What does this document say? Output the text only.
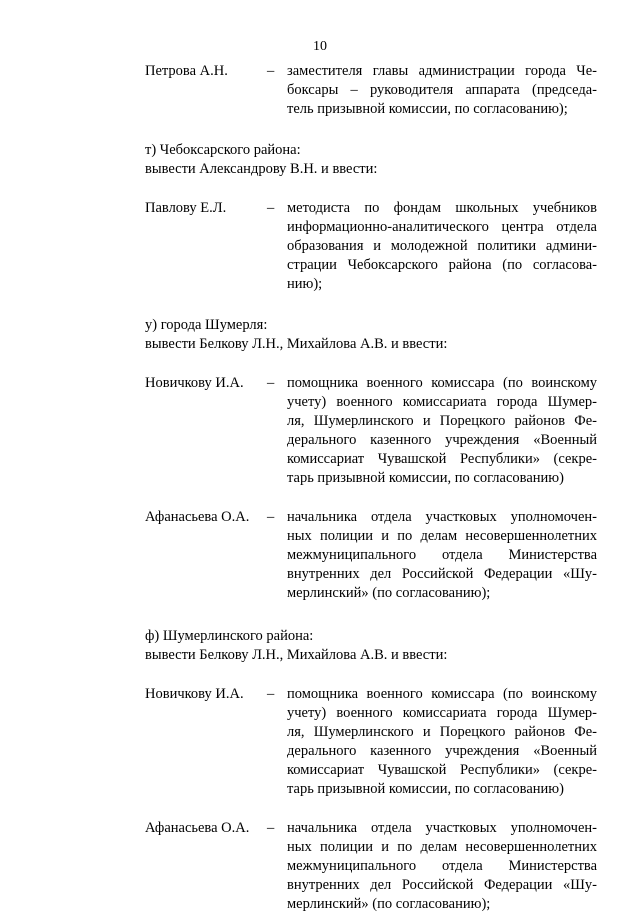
10
Петрова А.Н.	– заместителя главы администрации города Че-
боксары – руководителя аппарата (председа-
тель призывной комиссии, по согласованию);
т) Чебоксарского района:
вывести Александрову В.Н. и ввести:
Павлову Е.Л.	– методиста по фондам школьных учебников
информационно-аналитического центра отдела
образования и молодежной политики админи-
страции Чебоксарского района (по согласова-
нию);
у) города Шумерля:
вывести Белкову Л.Н., Михайлова А.В. и ввести:
Новичкову И.А.	– помощника военного комиссара (по воинскому
учету) военного комиссариата города Шумер-
ля, Шумерлинского и Порецкого районов Фе-
дерального казенного учреждения «Военный
комиссариат Чувашской Республики» (секре-
тарь призывной комиссии, по согласованию)
Афанасьева О.А.	– начальника отдела участковых уполномочен-
ных полиции и по делам несовершеннолетних
межмуниципального отдела Министерства
внутренних дел Российской Федерации «Шу-
мерлинский» (по согласованию);
ф) Шумерлинского района:
вывести Белкову Л.Н., Михайлова А.В. и ввести:
Новичкову И.А.	– помощника военного комиссара (по воинскому
учету) военного комиссариата города Шумер-
ля, Шумерлинского и Порецкого районов Фе-
дерального казенного учреждения «Военный
комиссариат Чувашской Республики» (секре-
тарь призывной комиссии, по согласованию)
Афанасьева О.А.	– начальника отдела участковых уполномочен-
ных полиции и по делам несовершеннолетних
межмуниципального отдела Министерства
внутренних дел Российской Федерации «Шу-
мерлинский» (по согласованию);
